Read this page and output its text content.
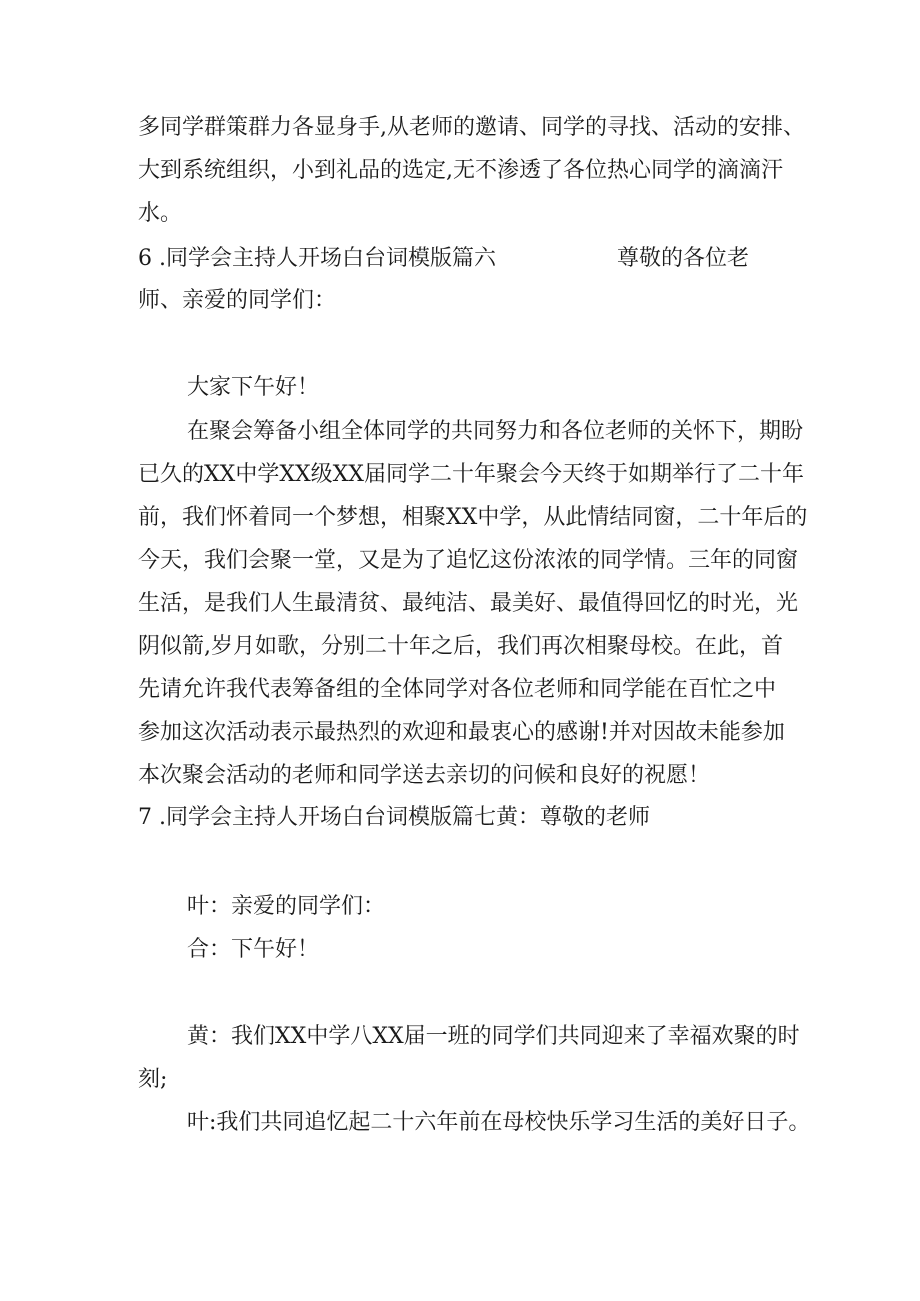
多同学群策群力各显身手,从老师的邀请、同学的寻找、活动的安排、
大到系统组织，小到礼品的选定,无不渗透了各位热心同学的滴滴汗
水。
6 .同学会主持人开场白台词模版篇六	尊敬的各位老
师、亲爱的同学们：
大家下午好！
在聚会筹备小组全体同学的共同努力和各位老师的关怀下，期盼
已久的XX中学XX级XX届同学二十年聚会今天终于如期举行了二十年
前，我们怀着同一个梦想，相聚XX中学，从此情结同窗，二十年后的
今天，我们会聚一堂，又是为了追忆这份浓浓的同学情。三年的同窗
生活，是我们人生最清贫、最纯洁、最美好、最值得回忆的时光，光
阴似箭,岁月如歌，分别二十年之后，我们再次相聚母校。在此，首
先请允许我代表筹备组的全体同学对各位老师和同学能在百忙之中
参加这次活动表示最热烈的欢迎和最衷心的感谢!并对因故未能参加
本次聚会活动的老师和同学送去亲切的问候和良好的祝愿！
7 .同学会主持人开场白台词模版篇七黄：尊敬的老师
叶：亲爱的同学们：
合：下午好！
黄：我们XX中学八XX届一班的同学们共同迎来了幸福欢聚的时
刻;
叶:我们共同追忆起二十六年前在母校快乐学习生活的美好日子。
